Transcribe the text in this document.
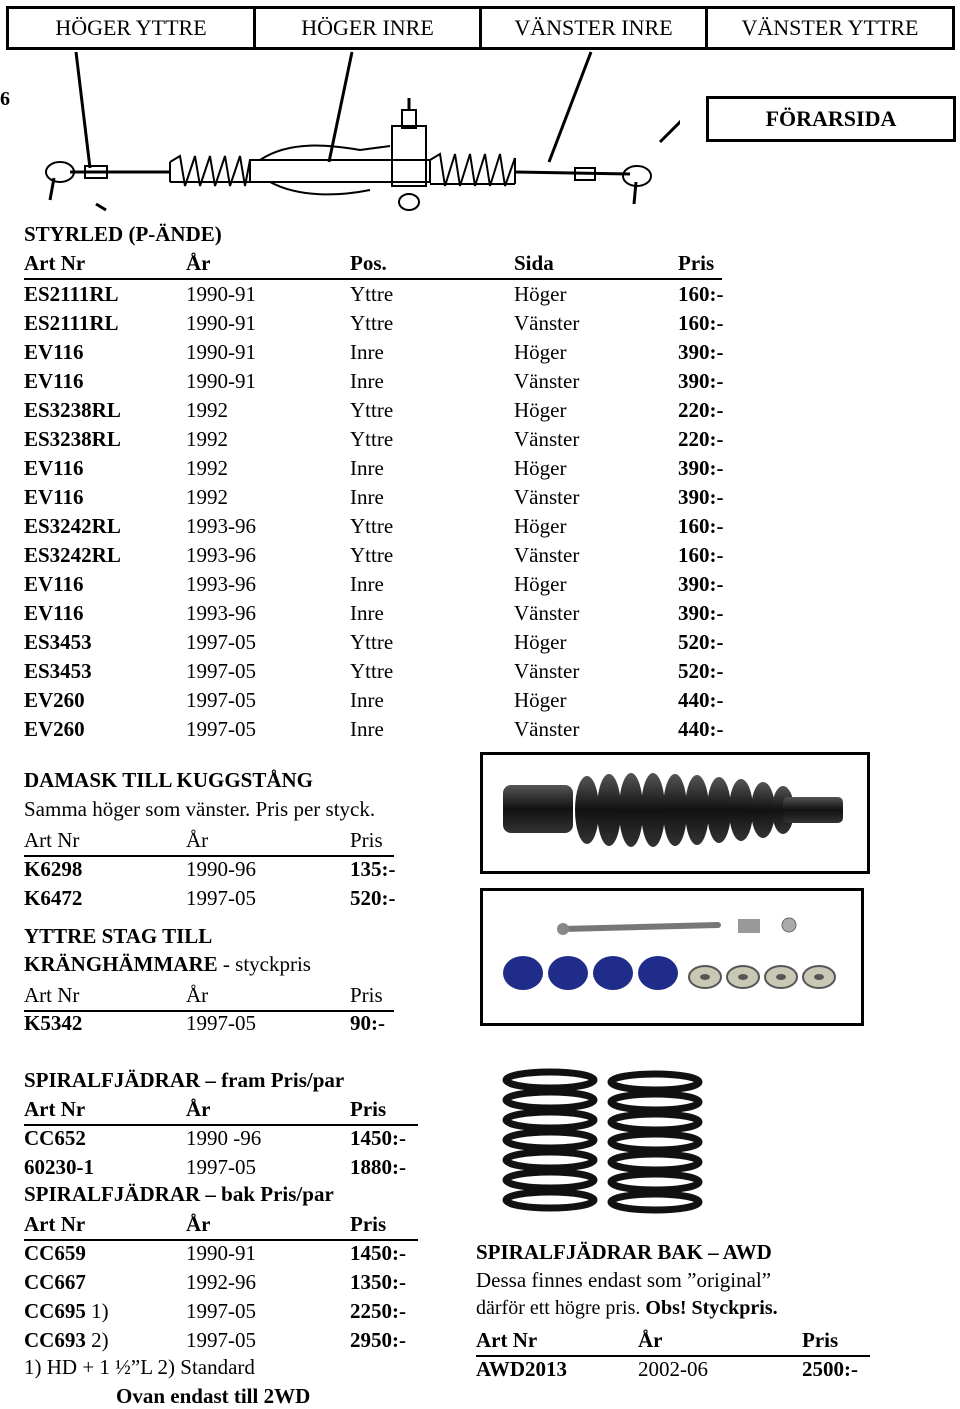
HÖGER YTTRE	HÖGER INRE	VÄNSTER INRE	VÄNSTER YTTRE
6
FÖRARSIDA
STYRLED (P-ÄNDE)
Art Nr	År	Pos.	Sida	Pris
ES2111RL	1990-91	Yttre	Höger	160:-
ES2111RL	1990-91	Yttre	Vänster	160:-
EV116	1990-91	Inre	Höger	390:-
EV116	1990-91	Inre	Vänster	390:-
ES3238RL	1992	Yttre	Höger	220:-
ES3238RL	1992	Yttre	Vänster	220:-
EV116	1992	Inre	Höger	390:-
EV116	1992	Inre	Vänster	390:-
ES3242RL	1993-96	Yttre	Höger	160:-
ES3242RL	1993-96	Yttre	Vänster	160:-
EV116	1993-96	Inre	Höger	390:-
EV116	1993-96	Inre	Vänster	390:-
ES3453	1997-05	Yttre	Höger	520:-
ES3453	1997-05	Yttre	Vänster	520:-
EV260	1997-05	Inre	Höger	440:-
EV260	1997-05	Inre	Vänster	440:-
DAMASK TILL KUGGSTÅNG
Samma höger som vänster. Pris per styck.
Art Nr	År	Pris
K6298	1990-96	135:-
K6472	1997-05	520:-
YTTRE STAG TILL
KRÄNGHÄMMARE - styckpris
Art Nr	År	Pris
K5342	1997-05	90:-
SPIRALFJÄDRAR – fram Pris/par
Art Nr	År	Pris
CC652	1990 -96	1450:-
60230-1	1997-05	1880:-
SPIRALFJÄDRAR – bak Pris/par
Art Nr	År	Pris
CC659	1990-91	1450:-
CC667	1992-96	1350:-
CC695 1)	1997-05	2250:-
CC693 2)	1997-05	2950:-
1) HD + 1 ½”L 2) Standard
Ovan endast till 2WD
SPIRALFJÄDRAR BAK – AWD
Dessa finnes endast som ”original”
därför ett högre pris. Obs! Styckpris.
Art Nr	År	Pris
AWD2013	2002-06	2500:-
